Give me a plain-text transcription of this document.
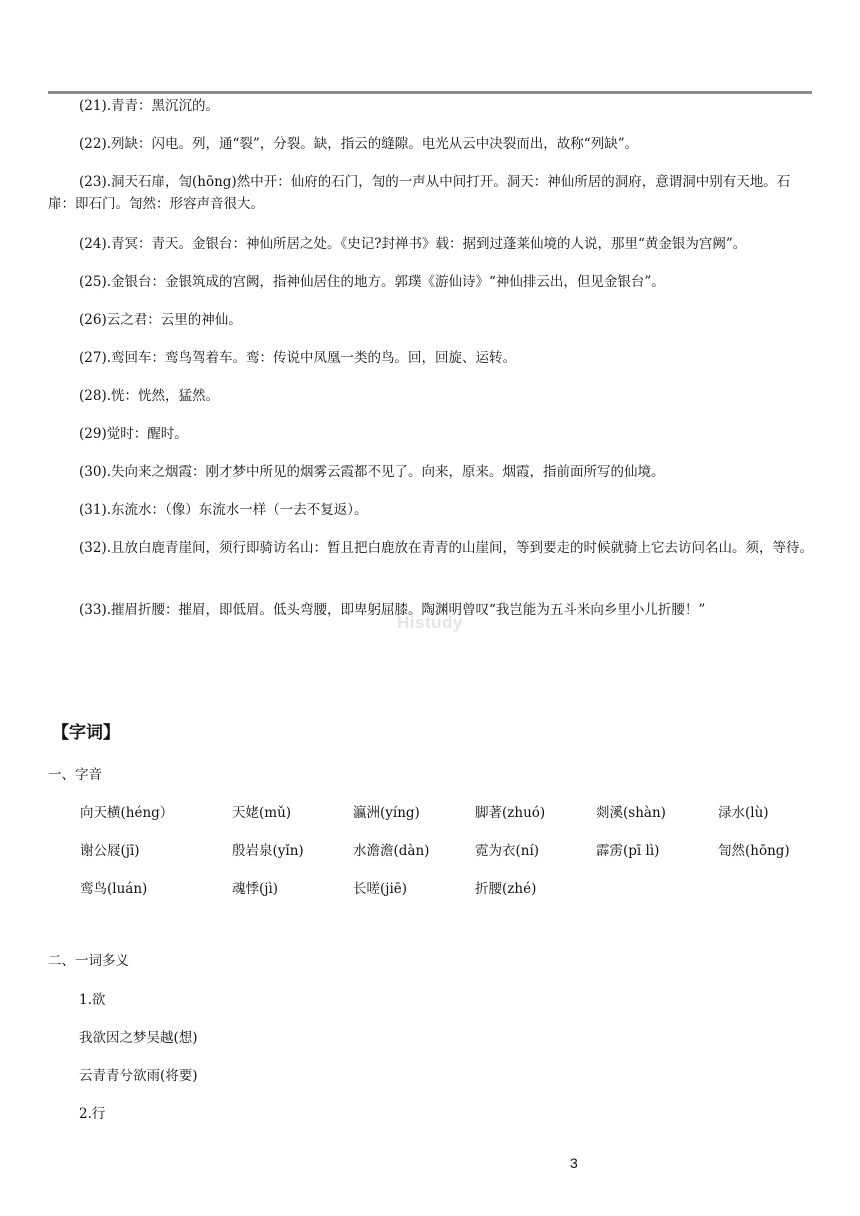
(21).青青：黑沉沉的。
(22).列缺：闪电。列，通“裂”，分裂。缺，指云的缝隙。电光从云中决裂而出，故称“列缺”。
(23).洞天石扉，訇(hōng)然中开：仙府的石门，訇的一声从中间打开。洞天：神仙所居的洞府，意谓洞中别有天地。石扉：即石门。訇然：形容声音很大。
(24).青冥：青天。金银台：神仙所居之处。《史记?封禅书》载：据到过蓬莱仙境的人说，那里“黄金银为宫阙”。
(25).金银台：金银筑成的宫阙，指神仙居住的地方。郭璞《游仙诗》“神仙排云出，但见金银台”。
(26)云之君：云里的神仙。
(27).鸾回车：鸾鸟驾着车。鸾：传说中凤凰一类的鸟。回，回旋、运转。
(28).恍：恍然，猛然。
(29)觉时：醒时。
(30).失向来之烟霞：刚才梦中所见的烟雾云霞都不见了。向来，原来。烟霞，指前面所写的仙境。
(31).东流水：（像）东流水一样（一去不复返）。
(32).且放白鹿青崖间，须行即骑访名山：暂且把白鹿放在青青的山崖间，等到要走的时候就骑上它去访问名山。须，等待。
(33).摧眉折腰：摧眉，即低眉。低头弯腰，即卑躬屈膝。陶渊明曾叹“我岂能为五斗米向乡里小儿折腰！”
Histudy
【字词】
一、字音
向天横(héng）	天姥(mǔ)	瀛洲(yíng)	脚著(zhuó)	剡溪(shàn)	渌水(lù)
谢公屐(jī)	殷岩泉(yǐn)	水澹澹(dàn)	霓为衣(ní)	霹雳(pī lì)	訇然(hōng)
鸾鸟(luán)	魂悸(jì)	长嗟(jiē)	折腰(zhé)
二、一词多义
1.欲
我欲因之梦吴越(想)
云青青兮欲雨(将要)
2.行
3
